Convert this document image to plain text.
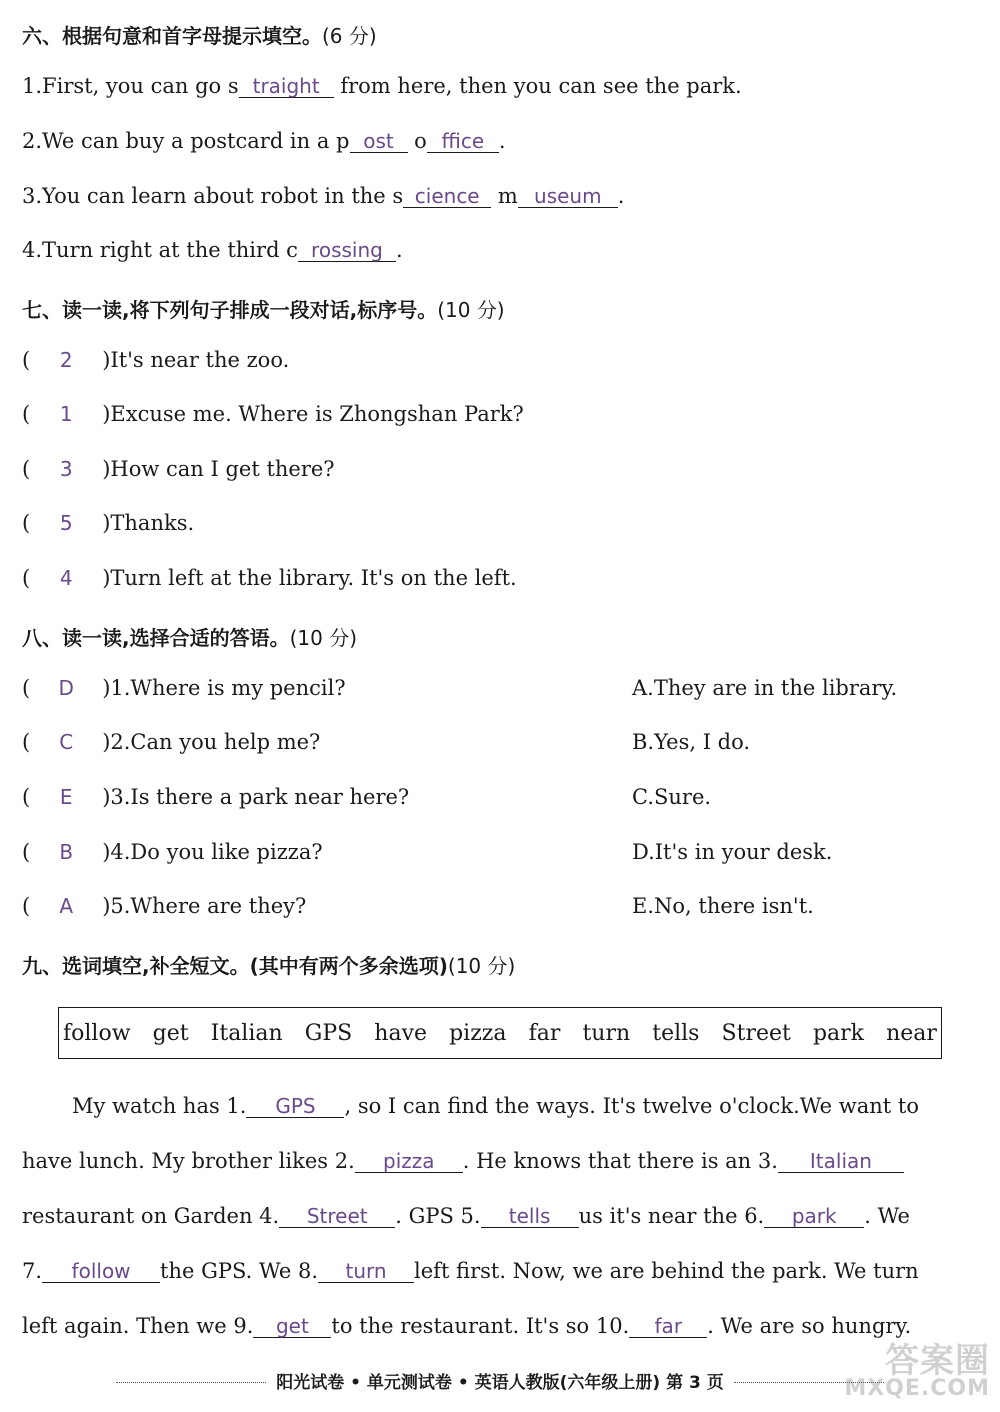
六、根据句意和首字母提示填空。(6 分)
1.First, you can go s traight from here, then you can see the park.
2.We can buy a postcard in a p ost o ffice .
3.You can learn about robot in the s cience m useum .
4.Turn right at the third c rossing .
七、读一读,将下列句子排成一段对话,标序号。(10 分)
( 2 )It's near the zoo.
( 1 )Excuse me. Where is Zhongshan Park?
( 3 )How can I get there?
( 5 )Thanks.
( 4 )Turn left at the library. It's on the left.
八、读一读,选择合适的答语。(10 分)
( D )1.Where is my pencil?	A.They are in the library.
( C )2.Can you help me?	B.Yes, I do.
( E )3.Is there a park near here?	C.Sure.
( B )4.Do you like pizza?	D.It's in your desk.
( A )5.Where are they?	E.No, there isn't.
九、选词填空,补全短文。(其中有两个多余选项)(10 分)
follow get Italian GPS have pizza far turn tells Street park near
My watch has 1. GPS , so I can find the ways. It's twelve o'clock.We want to
have lunch. My brother likes 2. pizza . He knows that there is an 3. Italian
restaurant on Garden 4. Street . GPS 5. tells us it's near the 6. park . We
7. follow the GPS. We 8. turn left first. Now, we are behind the park. We turn
left again. Then we 9. get to the restaurant. It's so 10. far . We are so hungry.
阳光试卷 • 单元测试卷 • 英语人教版(六年级上册) 第 3 页
答案圈
MXQE.COM
